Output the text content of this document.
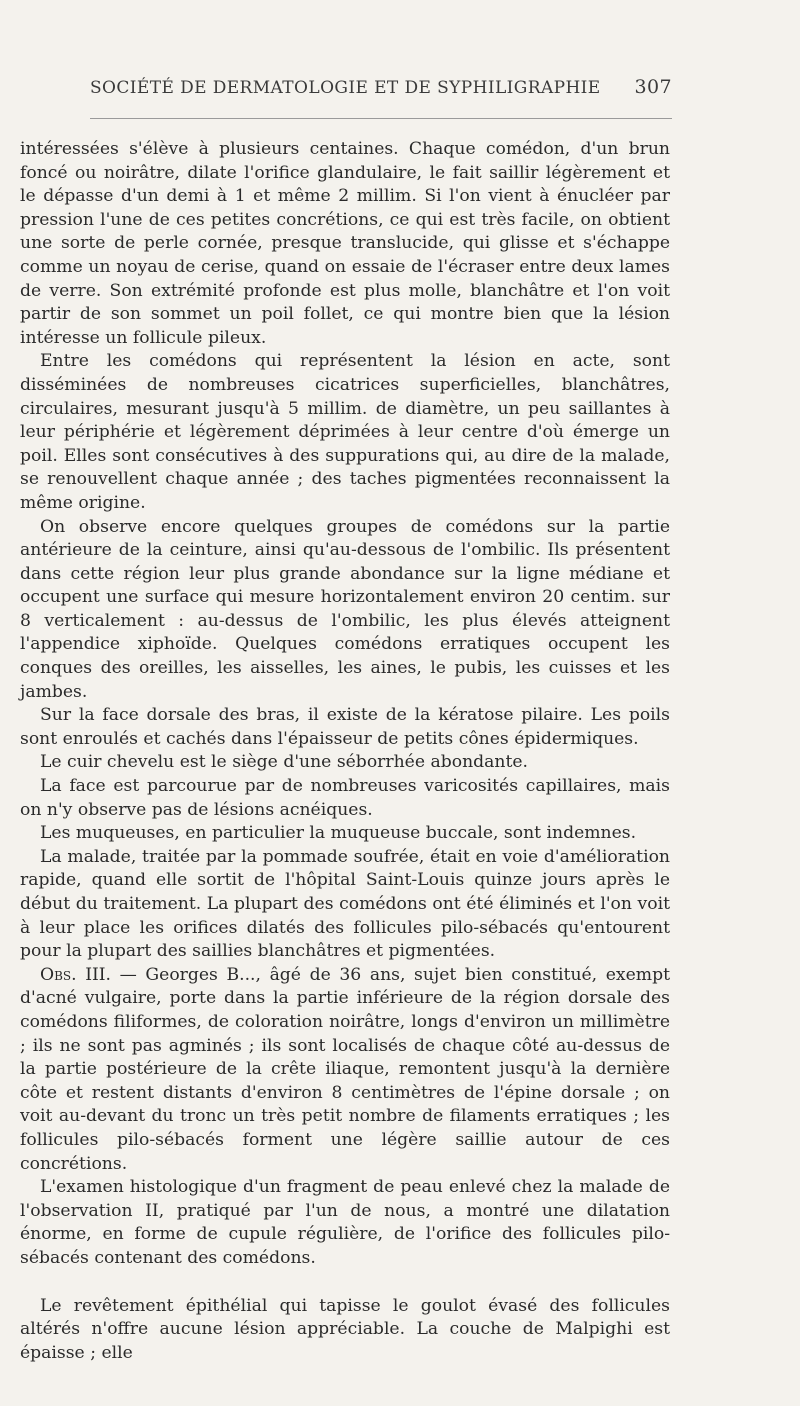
SOCIÉTÉ DE DERMATOLOGIE ET DE SYPHILIGRAPHIE 307

intéressées s'élève à plusieurs centaines. Chaque comédon, d'un brun foncé ou noirâtre, dilate l'orifice glandulaire, le fait saillir légèrement et le dépasse d'un demi à 1 et même 2 millim. Si l'on vient à énucléer par pression l'une de ces petites concrétions, ce qui est très facile, on obtient une sorte de perle cornée, presque translucide, qui glisse et s'échappe comme un noyau de cerise, quand on essaie de l'écraser entre deux lames de verre. Son extrémité profonde est plus molle, blanchâtre et l'on voit partir de son sommet un poil follet, ce qui montre bien que la lésion intéresse un follicule pileux.

Entre les comédons qui représentent la lésion en acte, sont disséminées de nombreuses cicatrices superficielles, blanchâtres, circulaires, mesurant jusqu'à 5 millim. de diamètre, un peu saillantes à leur périphérie et légèrement déprimées à leur centre d'où émerge un poil. Elles sont consécutives à des suppurations qui, au dire de la malade, se renouvellent chaque année ; des taches pigmentées reconnaissent la même origine.

On observe encore quelques groupes de comédons sur la partie antérieure de la ceinture, ainsi qu'au-dessous de l'ombilic. Ils présentent dans cette région leur plus grande abondance sur la ligne médiane et occupent une surface qui mesure horizontalement environ 20 centim. sur 8 verticalement : au-dessus de l'ombilic, les plus élevés atteignent l'appendice xiphoïde. Quelques comédons erratiques occupent les conques des oreilles, les aisselles, les aines, le pubis, les cuisses et les jambes.

Sur la face dorsale des bras, il existe de la kératose pilaire. Les poils sont enroulés et cachés dans l'épaisseur de petits cônes épidermiques.

Le cuir chevelu est le siège d'une séborrhée abondante.

La face est parcourue par de nombreuses varicosités capillaires, mais on n'y observe pas de lésions acnéiques.

Les muqueuses, en particulier la muqueuse buccale, sont indemnes.

La malade, traitée par la pommade soufrée, était en voie d'amélioration rapide, quand elle sortit de l'hôpital Saint-Louis quinze jours après le début du traitement. La plupart des comédons ont été éliminés et l'on voit à leur place les orifices dilatés des follicules pilo-sébacés qu'entourent pour la plupart des saillies blanchâtres et pigmentées.

Obs. III. — Georges B..., âgé de 36 ans, sujet bien constitué, exempt d'acné vulgaire, porte dans la partie inférieure de la région dorsale des comédons filiformes, de coloration noirâtre, longs d'environ un millimètre ; ils ne sont pas agminés ; ils sont localisés de chaque côté au-dessus de la partie postérieure de la crête iliaque, remontent jusqu'à la dernière côte et restent distants d'environ 8 centimètres de l'épine dorsale ; on voit au-devant du tronc un très petit nombre de filaments erratiques ; les follicules pilo-sébacés forment une légère saillie autour de ces concrétions.

L'examen histologique d'un fragment de peau enlevé chez la malade de l'observation II, pratiqué par l'un de nous, a montré une dilatation énorme, en forme de cupule régulière, de l'orifice des follicules pilo-sébacés contenant des comédons.

Le revêtement épithélial qui tapisse le goulot évasé des follicules altérés n'offre aucune lésion appréciable. La couche de Malpighi est épaisse ; elle
